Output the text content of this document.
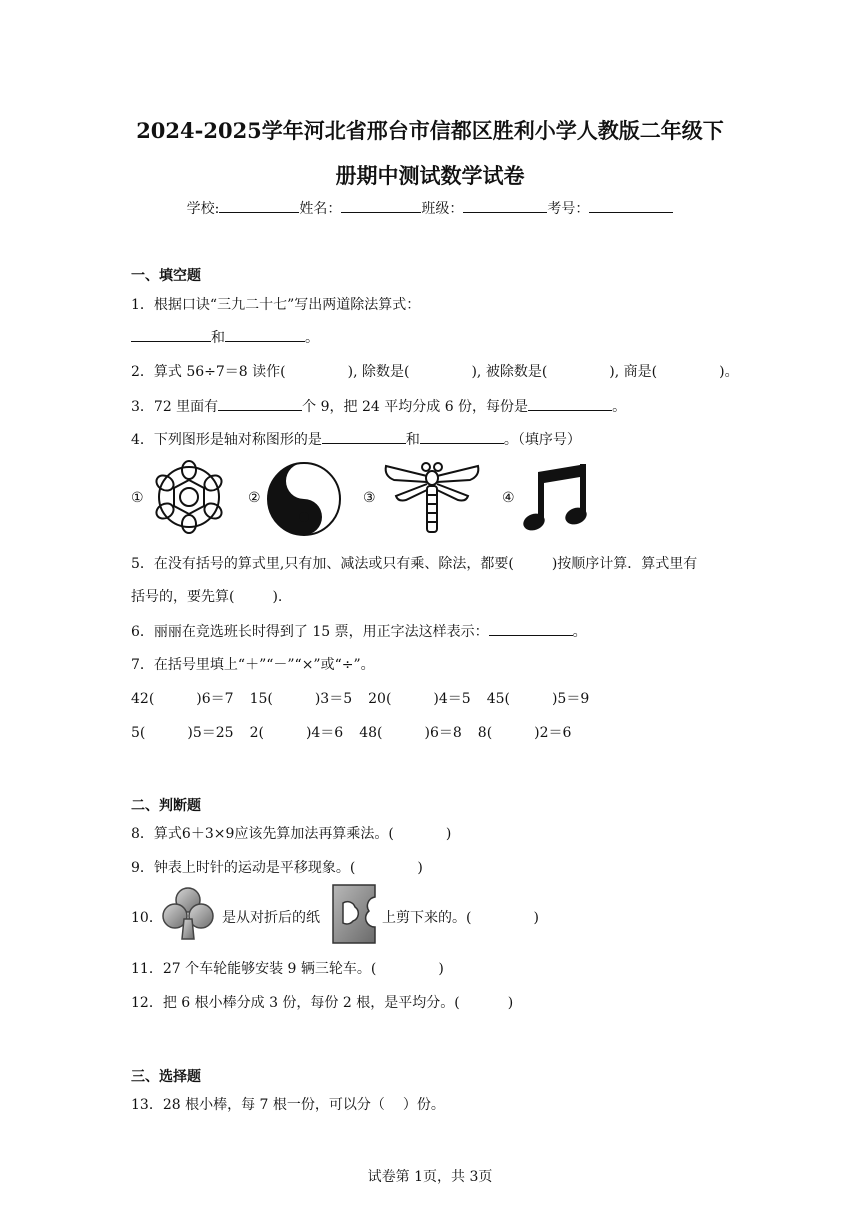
2024-2025学年河北省邢台市信都区胜利小学人教版二年级下
册期中测试数学试卷
学校:	姓名：	班级：	考号：
一、填空题
1．根据口诀“三九二十七”写出两道除法算式：
和	。
2．算式 56÷7＝8 读作(	), 除数是(	), 被除数是(	), 商是(	)。
3．72 里面有	个 9，把 24 平均分成 6 份，每份是	。
4．下列图形是轴对称图形的是	和	。（填序号）
①	②	③	④
5．在没有括号的算式里,只有加、减法或只有乘、除法，都要(	)按顺序计算．算式里有
括号的，要先算(	).
6．丽丽在竞选班长时得到了 15 票，用正字法这样表示：	。
7．在括号里填上“＋”“－”“×”或“÷”。
42(	)6＝7 15(	)3＝5 20(	)4＝5 45(	)5＝9
5(	)5＝25 2(	)4＝6 48(	)6＝8 8(	)2＝6
二、判断题
8．算式6＋3×9应该先算加法再算乘法。(	)
9．钟表上时针的运动是平移现象。(	)
10．	是从对折后的纸	上剪下来的。(	)
11．27 个车轮能够安装 9 辆三轮车。(	)
12．把 6 根小棒分成 3 份，每份 2 根，是平均分。(	)
三、选择题
13．28 根小棒，每 7 根一份，可以分（ ）份。
试卷第 1页，共 3页
